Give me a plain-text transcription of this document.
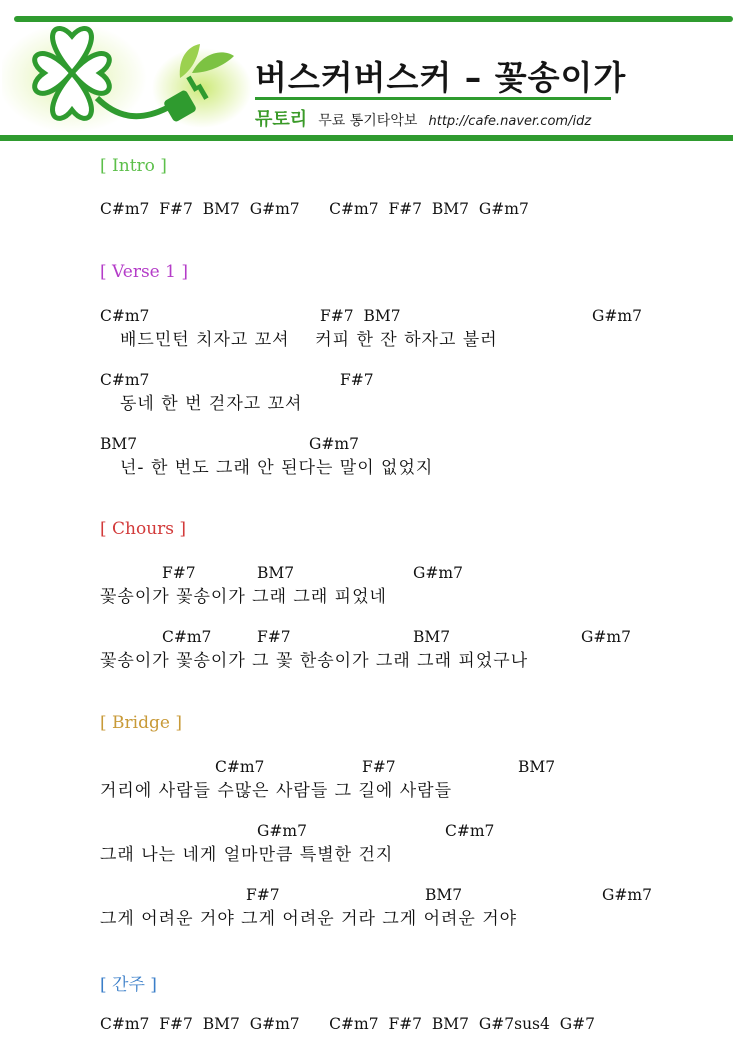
버스커버스커 – 꽃송이가
뮤토리 무료 통기타악보 http://cafe.naver.com/idz
[ Intro ]
C#m7  F#7  BM7  G#m7      C#m7  F#7  BM7  G#m7
[ Verse 1 ]
C#m7	F#7  BM7	G#m7
배드민턴 치자고 꼬셔    커피 한 잔 하자고 불러
C#m7	F#7
동네 한 번 걷자고 꼬셔
BM7	G#m7
넌- 한 번도 그래 안 된다는 말이 없었지
[ Chours ]
F#7	BM7	G#m7
꽃송이가 꽃송이가 그래 그래 피었네
C#m7	F#7	BM7	G#m7
꽃송이가 꽃송이가 그 꽃 한송이가 그래 그래 피었구나
[ Bridge ]
C#m7	F#7	BM7
거리에 사람들 수많은 사람들 그 길에 사람들
G#m7	C#m7
그래 나는 네게 얼마만큼 특별한 건지
F#7	BM7	G#m7
그게 어려운 거야 그게 어려운 거라 그게 어려운 거야
[ 간주 ]
C#m7  F#7  BM7  G#m7      C#m7  F#7  BM7  G#7sus4  G#7
